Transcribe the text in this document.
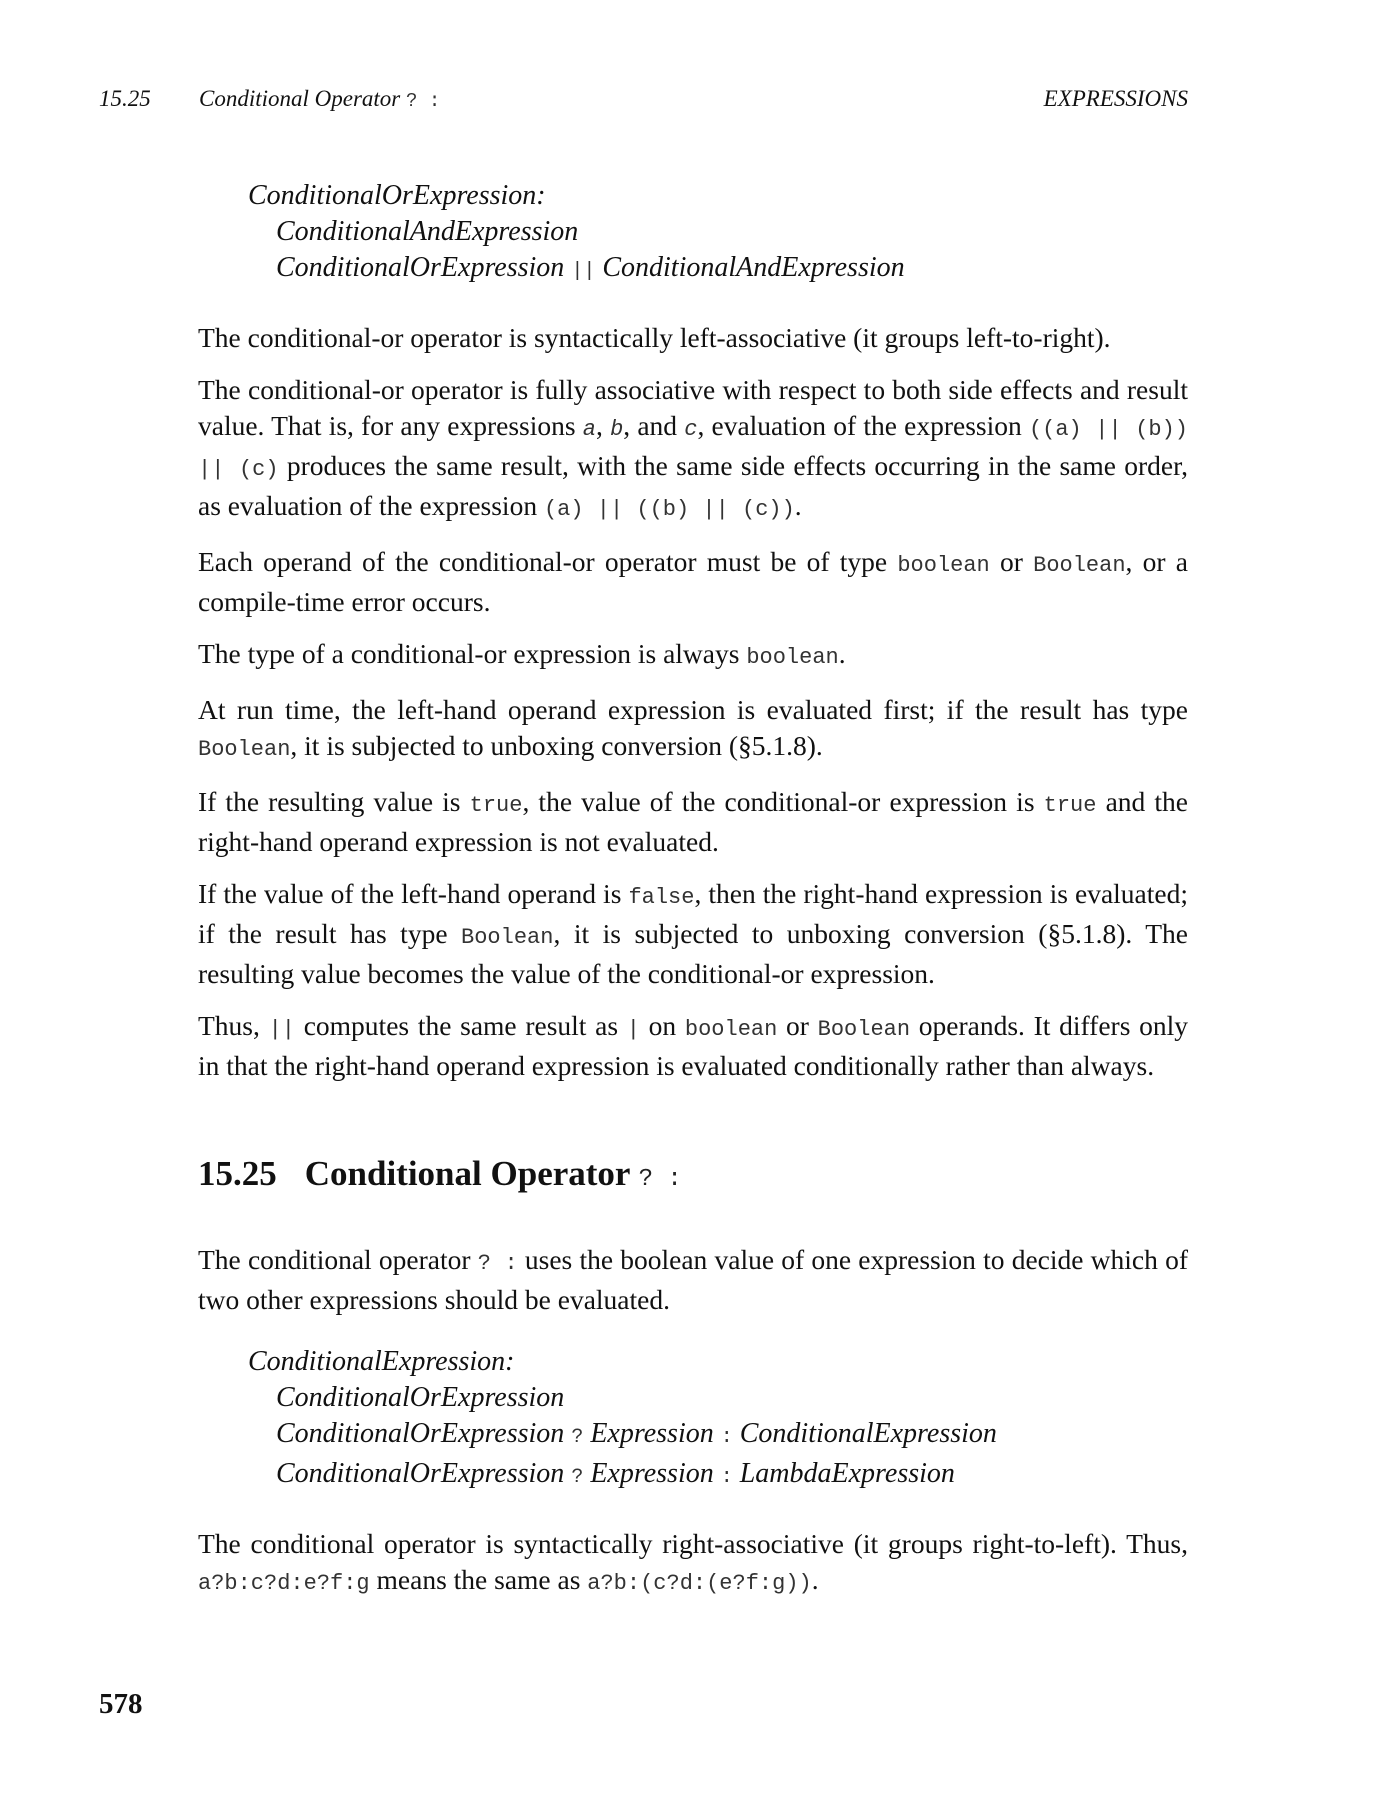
15.25 Conditional Operator ? :	EXPRESSIONS
ConditionalOrExpression:
ConditionalAndExpression
ConditionalOrExpression || ConditionalAndExpression

The conditional-or operator is syntactically left-associative (it groups left-to-right).

The conditional-or operator is fully associative with respect to both side effects and result value. That is, for any expressions a, b, and c, evaluation of the expression ((a) || (b)) || (c) produces the same result, with the same side effects occurring in the same order, as evaluation of the expression (a) || ((b) || (c)).

Each operand of the conditional-or operator must be of type boolean or Boolean, or a compile-time error occurs.

The type of a conditional-or expression is always boolean.

At run time, the left-hand operand expression is evaluated first; if the result has type Boolean, it is subjected to unboxing conversion (§5.1.8).

If the resulting value is true, the value of the conditional-or expression is true and the right-hand operand expression is not evaluated.

If the value of the left-hand operand is false, then the right-hand expression is evaluated; if the result has type Boolean, it is subjected to unboxing conversion (§5.1.8). The resulting value becomes the value of the conditional-or expression.

Thus, || computes the same result as | on boolean or Boolean operands. It differs only in that the right-hand operand expression is evaluated conditionally rather than always.

15.25 Conditional Operator ? :

The conditional operator ? : uses the boolean value of one expression to decide which of two other expressions should be evaluated.

ConditionalExpression:
ConditionalOrExpression
ConditionalOrExpression ? Expression : ConditionalExpression
ConditionalOrExpression ? Expression : LambdaExpression

The conditional operator is syntactically right-associative (it groups right-to-left). Thus, a?b:c?d:e?f:g means the same as a?b:(c?d:(e?f:g)).

578
